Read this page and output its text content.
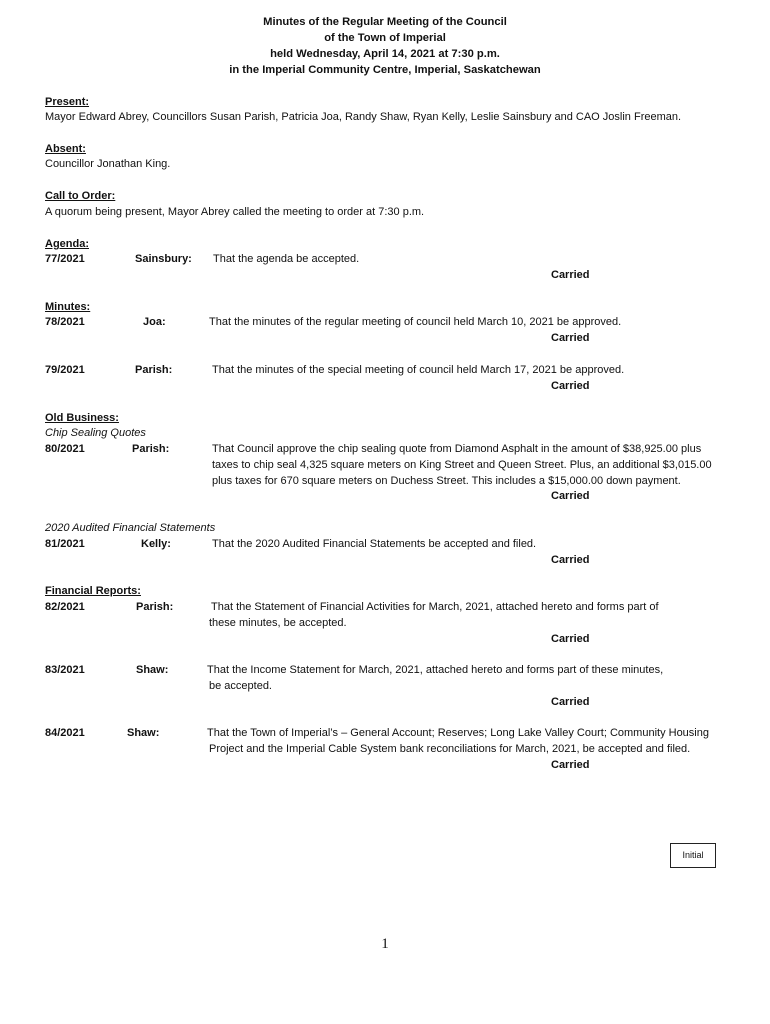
Minutes of the Regular Meeting of the Council
of the Town of Imperial
held Wednesday, April 14, 2021 at 7:30 p.m.
in the Imperial Community Centre, Imperial, Saskatchewan
Present:
Mayor Edward Abrey, Councillors Susan Parish, Patricia Joa, Randy Shaw, Ryan Kelly, Leslie Sainsbury and CAO Joslin Freeman.
Absent:
Councillor Jonathan King.
Call to Order:
A quorum being present, Mayor Abrey called the meeting to order at 7:30 p.m.
Agenda:
77/2021	Sainsbury: That the agenda be accepted.
Carried
Minutes:
78/2021	Joa:	That the minutes of the regular meeting of council held March 10, 2021 be approved.
Carried
79/2021	Parish:	That the minutes of the special meeting of council held March 17, 2021 be approved.
Carried
Old Business:
Chip Sealing Quotes
80/2021	Parish:	That Council approve the chip sealing quote from Diamond Asphalt in the amount of $38,925.00 plus
taxes to chip seal 4,325 square meters on King Street and Queen Street. Plus, an additional $3,015.00
plus taxes for 670 square meters on Duchess Street. This includes a $15,000.00 down payment.
Carried
2020 Audited Financial Statements
81/2021	Kelly:	That the 2020 Audited Financial Statements be accepted and filed.
Carried
Financial Reports:
82/2021	Parish:	That the Statement of Financial Activities for March, 2021, attached hereto and forms part of
these minutes, be accepted.
Carried
83/2021	Shaw:	That the Income Statement for March, 2021, attached hereto and forms part of these minutes,
be accepted.
Carried
84/2021	Shaw:	That the Town of Imperial’s – General Account; Reserves; Long Lake Valley Court; Community Housing
Project and the Imperial Cable System bank reconciliations for March, 2021, be accepted and filed.
Carried
Initial
1
